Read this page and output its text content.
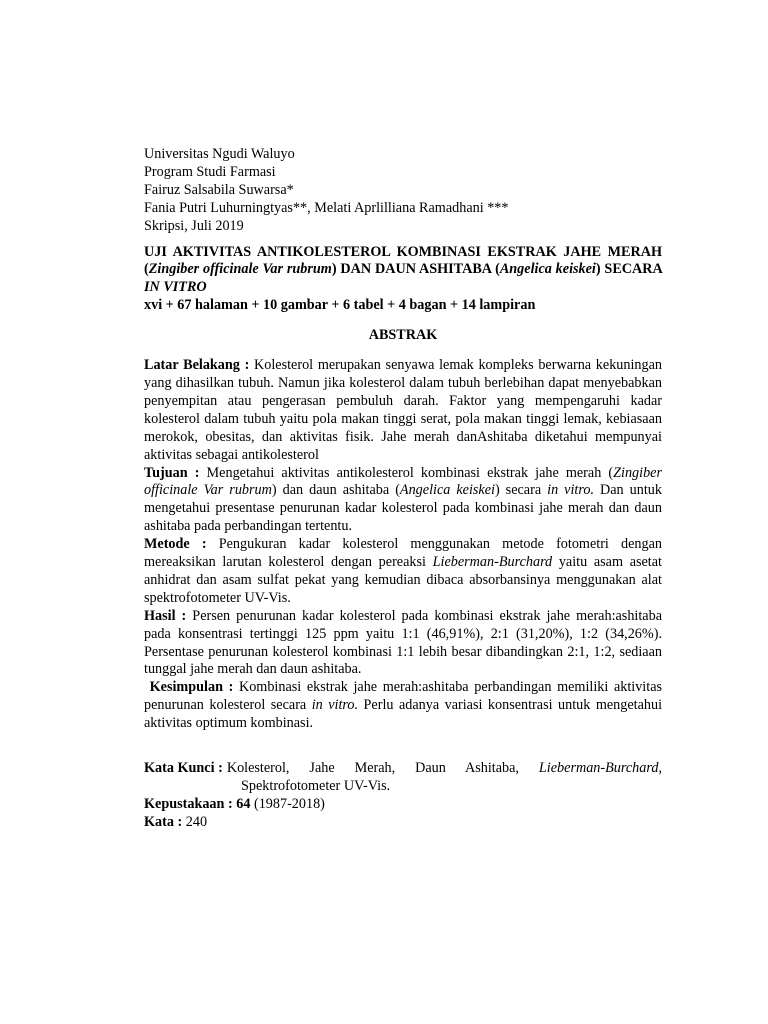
Universitas Ngudi Waluyo
Program Studi Farmasi
Fairuz Salsabila Suwarsa*
Fania Putri Luhurningtyas**, Melati Aprlilliana Ramadhani ***
Skripsi, Juli 2019
UJI AKTIVITAS ANTIKOLESTEROL KOMBINASI EKSTRAK JAHE MERAH (Zingiber officinale Var rubrum) DAN DAUN ASHITABA (Angelica keiskei) SECARA IN VITRO
xvi + 67 halaman + 10 gambar + 6 tabel + 4 bagan + 14 lampiran
ABSTRAK
Latar Belakang : Kolesterol merupakan senyawa lemak kompleks berwarna kekuningan yang dihasilkan tubuh. Namun jika kolesterol dalam tubuh berlebihan dapat menyebabkan penyempitan atau pengerasan pembuluh darah. Faktor yang mempengaruhi kadar kolesterol dalam tubuh yaitu pola makan tinggi serat, pola makan tinggi lemak, kebiasaan merokok, obesitas, dan aktivitas fisik. Jahe merah danAshitaba diketahui mempunyai aktivitas sebagai antikolesterol
Tujuan : Mengetahui aktivitas antikolesterol kombinasi ekstrak jahe merah (Zingiber officinale Var rubrum) dan daun ashitaba (Angelica keiskei) secara in vitro. Dan untuk mengetahui presentase penurunan kadar kolesterol pada kombinasi jahe merah dan daun ashitaba pada perbandingan tertentu.
Metode : Pengukuran kadar kolesterol menggunakan metode fotometri dengan mereaksikan larutan kolesterol dengan pereaksi Lieberman-Burchard yaitu asam asetat anhidrat dan asam sulfat pekat yang kemudian dibaca absorbansinya menggunakan alat spektrofotometer UV-Vis.
Hasil : Persen penurunan kadar kolesterol pada kombinasi ekstrak jahe merah:ashitaba pada konsentrasi tertinggi 125 ppm yaitu 1:1 (46,91%), 2:1 (31,20%), 1:2 (34,26%). Persentase penurunan kolesterol kombinasi 1:1 lebih besar dibandingkan 2:1, 1:2, sediaan tunggal jahe merah dan daun ashitaba.
Kesimpulan : Kombinasi ekstrak jahe merah:ashitaba perbandingan memiliki aktivitas penurunan kolesterol secara in vitro. Perlu adanya variasi konsentrasi untuk mengetahui aktivitas optimum kombinasi.
Kata Kunci : Kolesterol, Jahe Merah, Daun Ashitaba, Lieberman-Burchard,
Spektrofotometer UV-Vis.
Kepustakaan : 64 (1987-2018)
Kata : 240
